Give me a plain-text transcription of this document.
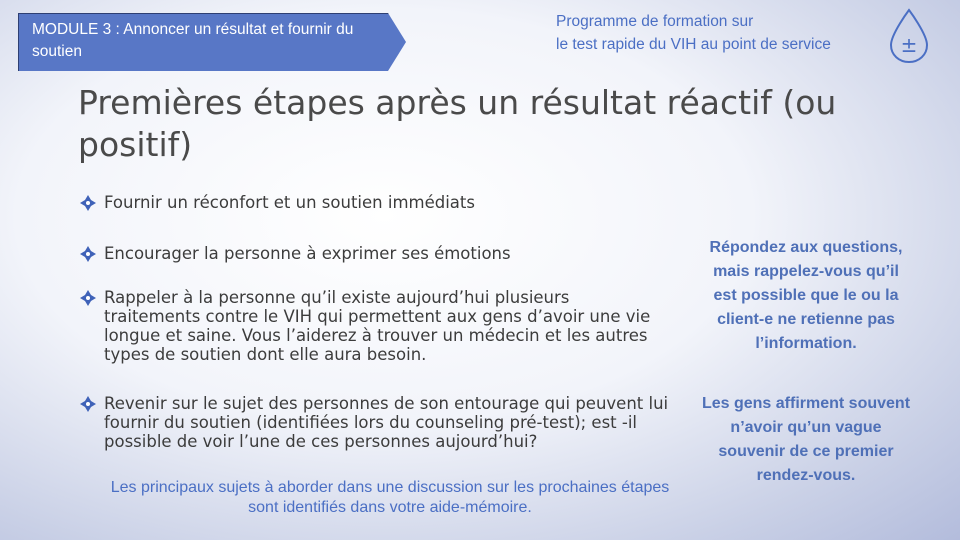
MODULE 3 : Annoncer un résultat et fournir du soutien
Programme de formation sur
le test rapide du VIH au point de service	±
Premières étapes après un résultat réactif (ou positif)
Fournir un réconfort et un soutien immédiats
Encourager la personne à exprimer ses émotions
Rappeler à la personne qu’il existe aujourd’hui plusieurs traitements contre le VIH qui permettent aux gens d’avoir une vie longue et saine. Vous l’aiderez à trouver un médecin et les autres types de soutien dont elle aura besoin.
Revenir sur le sujet des personnes de son entourage qui peuvent lui fournir du soutien (identifiées lors du counseling pré-test); est -il possible de voir l’une de ces personnes aujourd’hui?
Les principaux sujets à aborder dans une discussion sur les prochaines étapes sont identifiés dans votre aide-mémoire.
Répondez aux questions, mais rappelez-vous qu’il est possible que le ou la client-e ne retienne pas l’information.
Les gens affirment souvent n’avoir qu’un vague souvenir de ce premier rendez-vous.
